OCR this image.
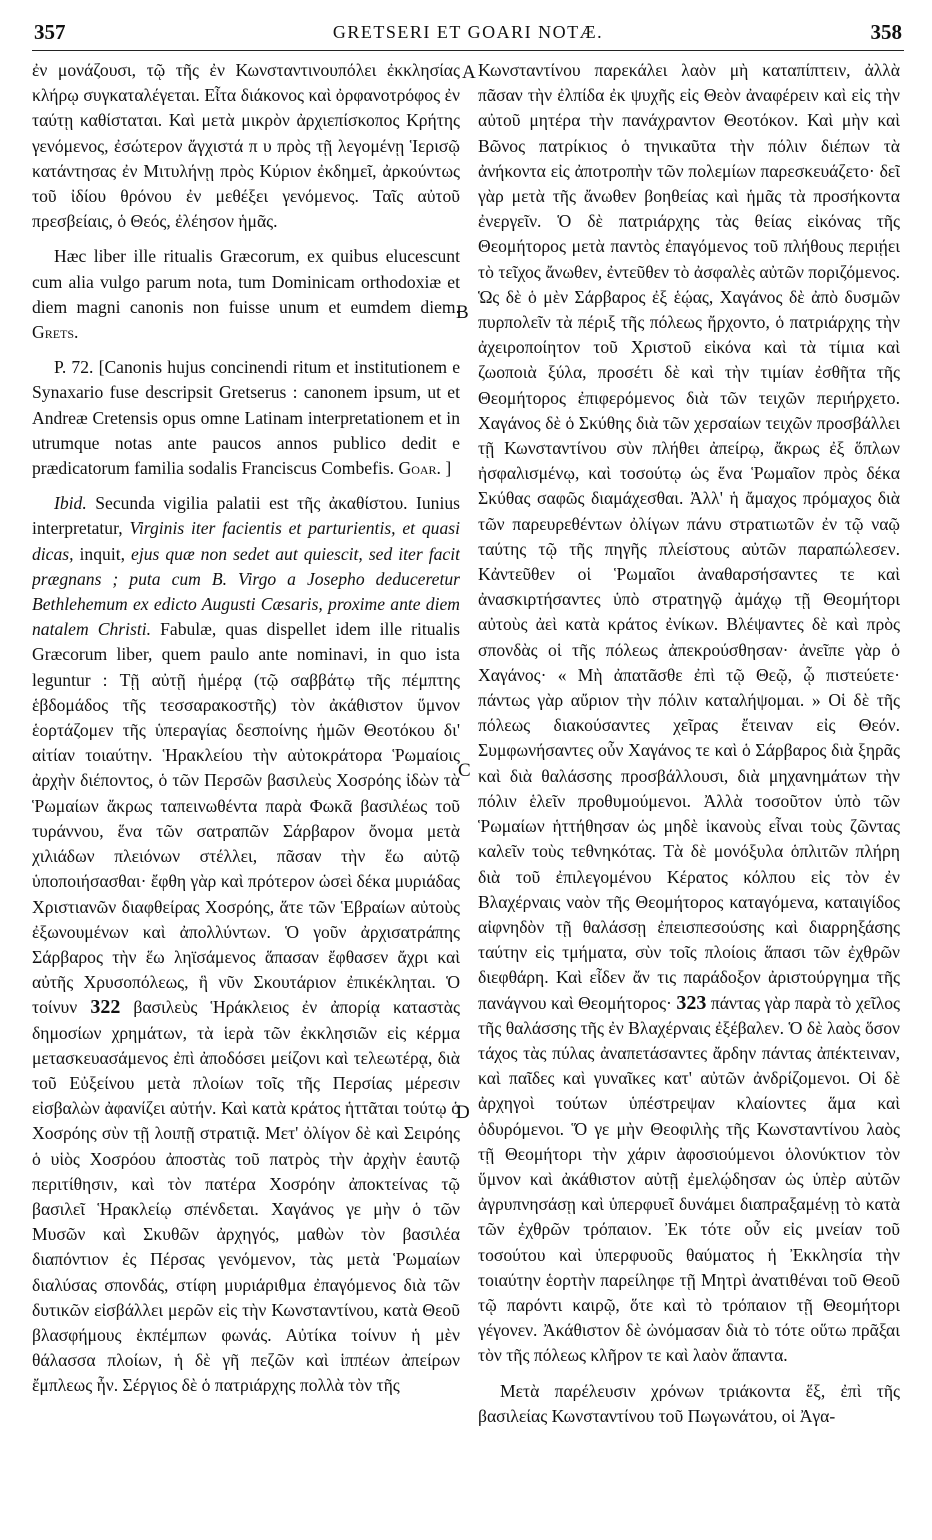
357	GRETSERI ET GOARI NOTÆ.	358
A
B
C
D

ἐν μονάζουσι, τῷ τῆς ἐν Κωνσταντινουπόλει ἐκκλησίας κλήρῳ συγκαταλέγεται. Εἶτα διάκονος καὶ ὀρφανοτρόφος ἐν ταύτῃ καθίσταται. Καὶ μετὰ μικρὸν ἀρχιεπίσκοπος Κρήτης γενόμενος, ἐσώτερον ἄγχιστά π υ πρὸς τῇ λεγομένῃ Ἱερισῷ κατάντησας ἐν Μιτυλήνῃ πρὸς Κύριον ἐκδημεῖ, ἀρκούντως τοῦ ἰδίου θρόνου ἐν μεθέξει γενόμενος. Ταῖς αὐτοῦ πρεσβείαις, ὁ Θεός, ἐλέησον ἡμᾶς.

Hæc liber ille ritualis Græcorum, ex quibus elucescunt cum alia vulgo parum nota, tum Dominicam orthodoxiæ et diem magni canonis non fuisse unum et eumdem diem. Grets.

P. 72. [Canonis hujus concinendi ritum et institutionem e Synaxario fuse descripsit Gretserus : canonem ipsum, ut et Andreæ Cretensis opus omne Latinam interpretationem et in utrumque notas ante paucos annos publico dedit e prædicatorum familia sodalis Franciscus Combefis. Goar. ]

Ibid. Secunda vigilia palatii est τῆς ἀκαθίστου. Iunius interpretatur, Virginis iter facientis et parturientis, et quasi dicas, inquit, ejus quæ non sedet aut quiescit, sed iter facit prægnans ; puta cum B. Virgo a Josepho deduceretur Bethlehemum ex edicto Augusti Cæsaris, proxime ante diem natalem Christi. Fabulæ, quas dispellet idem ille ritualis Græcorum liber, quem paulo ante nominavi, in quo ista leguntur : Τῇ αὐτῇ ἡμέρᾳ (τῷ σαββάτῳ τῆς πέμπτης ἑβδομάδος τῆς τεσσαρακοστῆς) τὸν ἀκάθιστον ὕμνον ἑορτάζομεν τῆς ὑπεραγίας δεσποίνης ἡμῶν Θεοτόκου δι' αἰτίαν τοιαύτην. Ἡρακλείου τὴν αὐτοκράτορα Ῥωμαίοις ἀρχὴν διέποντος, ὁ τῶν Περσῶν βασιλεὺς Χοσρόης ἰδὼν τὰ Ῥωμαίων ἄκρως ταπεινωθέντα παρὰ Φωκᾶ βασιλέως τοῦ τυράννου, ἕνα τῶν σατραπῶν Σάρβαρον ὄνομα μετὰ χιλιάδων πλειόνων στέλλει, πᾶσαν τὴν ἕω αὐτῷ ὑποποιήσασθαι· ἔφθη γὰρ καὶ πρότερον ὡσεὶ δέκα μυριάδας Χριστιανῶν διαφθείρας Χοσρόης, ἅτε τῶν Ἑβραίων αὐτοὺς ἐξωνουμένων καὶ ἀπολλύντων. Ὁ γοῦν ἀρχισατράπης Σάρβαρος τὴν ἕω ληϊσάμενος ἅπασαν ἔφθασεν ἄχρι καὶ αὐτῆς Χρυσοπόλεως, ἣ νῦν Σκουτάριον ἐπικέκληται. Ὁ τοίνυν 322 βασιλεὺς Ἡράκλειος ἐν ἀπορίᾳ καταστὰς δημοσίων χρημάτων, τὰ ἱερὰ τῶν ἐκκλησιῶν εἰς κέρμα μετασκευασάμενος ἐπὶ ἀποδόσει μείζονι καὶ τελεωτέρᾳ, διὰ τοῦ Εὐξείνου μετὰ πλοίων τοῖς τῆς Περσίας μέρεσιν εἰσβαλὼν ἀφανίζει αὐτήν. Καὶ κατὰ κράτος ἡττᾶται τούτῳ ὁ Χοσρόης σὺν τῇ λοιπῇ στρατιᾷ. Μετ' ὀλίγον δὲ καὶ Σειρόης ὁ υἱὸς Χοσρόου ἀποστὰς τοῦ πατρὸς τὴν ἀρχὴν ἑαυτῷ περιτίθησιν, καὶ τὸν πατέρα Χοσρόην ἀποκτείνας τῷ βασιλεῖ Ἡρακλείῳ σπένδεται. Χαγάνος γε μὴν ὁ τῶν Μυσῶν καὶ Σκυθῶν ἀρχηγός, μαθὼν τὸν βασιλέα διαπόντιον ἐς Πέρσας γενόμενον, τὰς μετὰ Ῥωμαίων διαλύσας σπονδάς, στίφη μυριάριθμα ἐπαγόμενος διὰ τῶν δυτικῶν εἰσβάλλει μερῶν εἰς τὴν Κωνσταντίνου, κατὰ Θεοῦ βλασφήμους ἐκπέμπων φωνάς. Αὐτίκα τοίνυν ἡ μὲν θάλασσα πλοίων, ἡ δὲ γῆ πεζῶν καὶ ἱππέων ἀπείρων ἔμπλεως ἦν. Σέργιος δὲ ὁ πατριάρχης πολλὰ τὸν τῆς

Κωνσταντίνου παρεκάλει λαὸν μὴ καταπίπτειν, ἀλλὰ πᾶσαν τὴν ἐλπίδα ἐκ ψυχῆς εἰς Θεὸν ἀναφέρειν καὶ εἰς τὴν αὐτοῦ μητέρα τὴν πανάχραντον Θεοτόκον. Καὶ μὴν καὶ Βῶνος πατρίκιος ὁ τηνικαῦτα τὴν πόλιν διέπων τὰ ἀνήκοντα εἰς ἀποτροπὴν τῶν πολεμίων παρεσκευάζετο· δεῖ γὰρ μετὰ τῆς ἄνωθεν βοηθείας καὶ ἡμᾶς τὰ προσήκοντα ἐνεργεῖν. Ὁ δὲ πατριάρχης τὰς θείας εἰκόνας τῆς Θεομήτορος μετὰ παντὸς ἐπαγόμενος τοῦ πλήθους περιῄει τὸ τεῖχος ἄνωθεν, ἐντεῦθεν τὸ ἀσφαλὲς αὐτῶν ποριζόμενος. Ὡς δὲ ὁ μὲν Σάρβαρος ἐξ ἑῴας, Χαγάνος δὲ ἀπὸ δυσμῶν πυρπολεῖν τὰ πέριξ τῆς πόλεως ἤρχοντο, ὁ πατριάρχης τὴν ἀχειροποίητον τοῦ Χριστοῦ εἰκόνα καὶ τὰ τίμια καὶ ζωοποιὰ ξύλα, προσέτι δὲ καὶ τὴν τιμίαν ἐσθῆτα τῆς Θεομήτορος ἐπιφερόμενος διὰ τῶν τειχῶν περιήρχετο. Χαγάνος δὲ ὁ Σκύθης διὰ τῶν χερσαίων τειχῶν προσβάλλει τῇ Κωνσταντίνου σὺν πλήθει ἀπείρῳ, ἄκρως ἐξ ὅπλων ἠσφαλισμένῳ, καὶ τοσούτῳ ὡς ἕνα Ῥωμαῖον πρὸς δέκα Σκύθας σαφῶς διαμάχεσθαι. Ἀλλ' ἡ ἄμαχος πρόμαχος διὰ τῶν παρευρεθέντων ὀλίγων πάνυ στρατιωτῶν ἐν τῷ ναῷ ταύτης τῷ τῆς πηγῆς πλείστους αὐτῶν παραπώλεσεν. Κἀντεῦθεν οἱ Ῥωμαῖοι ἀναθαρσήσαντες τε καὶ ἀνασκιρτήσαντες ὑπὸ στρατηγῷ ἀμάχῳ τῇ Θεομήτορι αὐτοὺς ἀεὶ κατὰ κράτος ἐνίκων. Βλέψαντες δὲ καὶ πρὸς σπονδὰς οἱ τῆς πόλεως ἀπεκρούσθησαν· ἀνεῖπε γὰρ ὁ Χαγάνος· « Μὴ ἀπατᾶσθε ἐπὶ τῷ Θεῷ, ᾧ πιστεύετε· πάντως γὰρ αὔριον τὴν πόλιν καταλήψομαι. » Οἱ δὲ τῆς πόλεως διακούσαντες χεῖρας ἔτειναν εἰς Θεόν. Συμφωνήσαντες οὖν Χαγάνος τε καὶ ὁ Σάρβαρος διὰ ξηρᾶς καὶ διὰ θαλάσσης προσβάλλουσι, διὰ μηχανημάτων τὴν πόλιν ἑλεῖν προθυμούμενοι. Ἀλλὰ τοσοῦτον ὑπὸ τῶν Ῥωμαίων ἡττήθησαν ὡς μηδὲ ἱκανοὺς εἶναι τοὺς ζῶντας καλεῖν τοὺς τεθνηκότας. Τὰ δὲ μονόξυλα ὁπλιτῶν πλήρη διὰ τοῦ ἐπιλεγομένου Κέρατος κόλπου εἰς τὸν ἐν Βλαχέρναις ναὸν τῆς Θεομήτορος καταγόμενα, καταιγίδος αἰφνηδὸν τῇ θαλάσσῃ ἐπεισπεσούσης καὶ διαρρηξάσης ταύτην εἰς τμήματα, σὺν τοῖς πλοίοις ἅπασι τῶν ἐχθρῶν διεφθάρη. Καὶ εἶδεν ἄν τις παράδοξον ἀριστούργημα τῆς πανάγνου καὶ Θεομήτορος· 323 πάντας γὰρ παρὰ τὸ χεῖλος τῆς θαλάσσης τῆς ἐν Βλαχέρναις ἐξέβαλεν. Ὁ δὲ λαὸς ὅσον τάχος τὰς πύλας ἀναπετάσαντες ἄρδην πάντας ἀπέκτειναν, καὶ παῖδες καὶ γυναῖκες κατ' αὐτῶν ἀνδρίζομενοι. Οἱ δὲ ἀρχηγοὶ τούτων ὑπέστρεψαν κλαίοντες ἅμα καὶ ὀδυρόμενοι. Ὅ γε μὴν Θεοφιλὴς τῆς Κωνσταντίνου λαὸς τῇ Θεομήτορι τὴν χάριν ἀφοσιούμενοι ὁλονύκτιον τὸν ὕμνον καὶ ἀκάθιστον αὐτῇ ἐμελῴδησαν ὡς ὑπὲρ αὐτῶν ἀγρυπνησάσῃ καὶ ὑπερφυεῖ δυνάμει διαπραξαμένῃ τὸ κατὰ τῶν ἐχθρῶν τρόπαιον. Ἐκ τότε οὖν εἰς μνείαν τοῦ τοσούτου καὶ ὑπερφυοῦς θαύματος ἡ Ἐκκλησία τὴν τοιαύτην ἑορτὴν παρείληφε τῇ Μητρὶ ἀνατιθέναι τοῦ Θεοῦ τῷ παρόντι καιρῷ, ὅτε καὶ τὸ τρόπαιον τῇ Θεομήτορι γέγονεν. Ἀκάθιστον δὲ ὠνόμασαν διὰ τὸ τότε οὕτω πρᾶξαι τὸν τῆς πόλεως κλῆρον τε καὶ λαὸν ἅπαντα.

Μετὰ παρέλευσιν χρόνων τριάκοντα ἕξ, ἐπὶ τῆς βασιλείας Κωνσταντίνου τοῦ Πωγωνάτου, οἱ Ἀγα-
